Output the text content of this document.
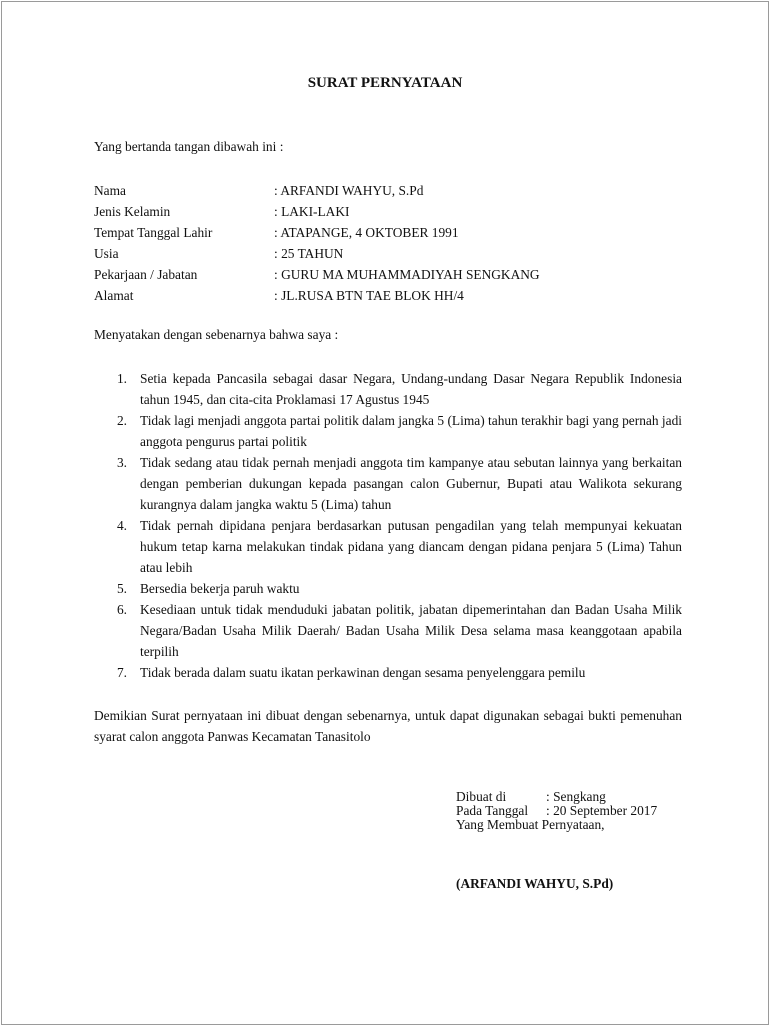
SURAT PERNYATAAN
Yang bertanda tangan dibawah ini :
Nama	: ARFANDI WAHYU, S.Pd
Jenis Kelamin	: LAKI-LAKI
Tempat Tanggal Lahir	: ATAPANGE, 4 OKTOBER 1991
Usia	: 25 TAHUN
Pekarjaan / Jabatan	: GURU MA MUHAMMADIYAH SENGKANG
Alamat	: JL.RUSA BTN TAE BLOK HH/4
Menyatakan dengan sebenarnya bahwa saya :
1. Setia kepada Pancasila sebagai dasar Negara, Undang-undang Dasar Negara Republik Indonesia tahun 1945, dan cita-cita Proklamasi 17 Agustus 1945
2. Tidak lagi menjadi anggota partai politik dalam jangka 5 (Lima) tahun terakhir bagi yang pernah jadi anggota pengurus partai politik
3. Tidak sedang atau tidak pernah menjadi anggota tim kampanye atau sebutan lainnya yang berkaitan dengan pemberian dukungan kepada pasangan calon Gubernur, Bupati atau Walikota sekurang kurangnya dalam jangka waktu 5 (Lima) tahun
4. Tidak pernah dipidana penjara berdasarkan putusan pengadilan yang telah mempunyai kekuatan hukum tetap karna melakukan tindak pidana yang diancam dengan pidana penjara 5 (Lima) Tahun atau lebih
5. Bersedia bekerja paruh waktu
6. Kesediaan untuk tidak menduduki jabatan politik, jabatan dipemerintahan dan Badan Usaha Milik Negara/Badan Usaha Milik Daerah/ Badan Usaha Milik Desa selama masa keanggotaan apabila terpilih
7. Tidak berada dalam suatu ikatan perkawinan dengan sesama penyelenggara pemilu
Demikian Surat pernyataan ini dibuat dengan sebenarnya, untuk dapat digunakan sebagai bukti pemenuhan syarat calon anggota Panwas Kecamatan Tanasitolo
Dibuat di	: Sengkang
Pada Tanggal	: 20 September 2017
Yang Membuat Pernyataan,
(ARFANDI WAHYU, S.Pd)
